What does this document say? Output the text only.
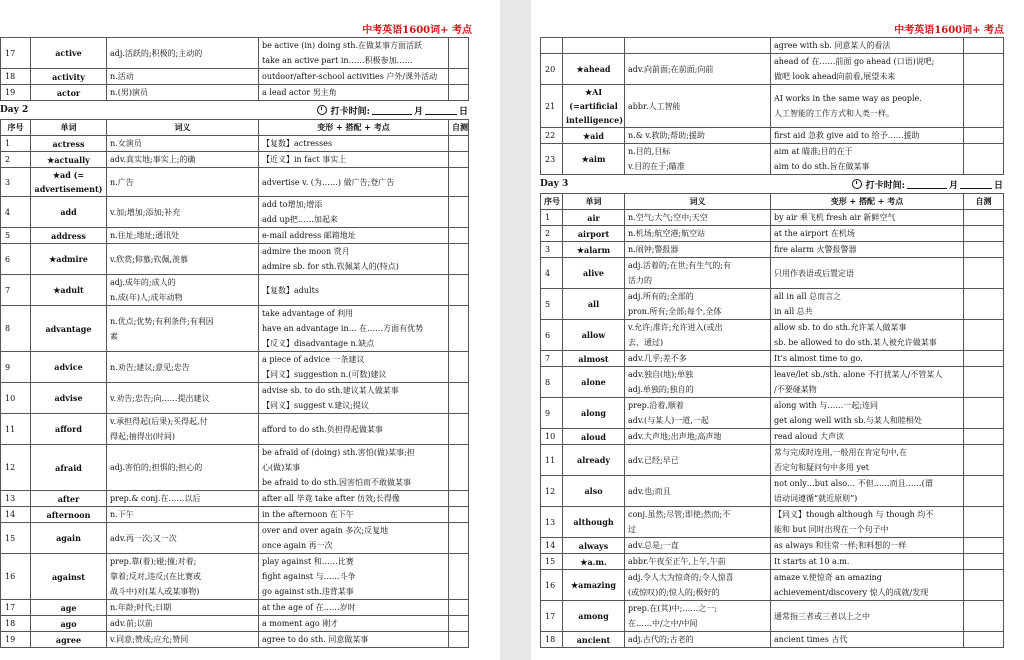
中考英语1600词+ 考点
17	active	adj.活跃的;积极的;主动的	be active (in) doing sth.在做某事方面活跃
take an active part in……积极参加……	

18	activity	n.活动	outdoor/after-school activities 户外/课外活动	

19	actor	n.(男)演员	a lead actor 男主角	

Day 2	打卡时间:	月	日
序号	单词	词义	变形 + 搭配 + 考点	自测
1	actress	n.女演员	【复数】actresses	

2	★actually	adv.真实地;事实上;的确	【近义】in fact 事实上	

3	★ad (= advertisement)	n.广告	advertise v. (为……) 做广告;登广告	

4	add	v.加;增加;添加;补充	add to增加;增添
add up把……加起来	

5	address	n.住址;地址;通讯处	e-mail address 邮箱地址	

6	★admire	v.欣赏;仰慕;钦佩,羡慕	admire the moon 赏月
admire sb. for sth.钦佩某人的(特点)	

7	★adult	adj.成年的;成人的
n.成(年)人;成年动物	【复数】adults	

8	advantage	n.优点;优势;有利条件;有利因
素	take advantage of 利用
have an advantage in… 在……方面有优势
【反义】disadvantage n.缺点	

9	advice	n.劝告;建议;意见;忠告	a piece of advice 一条建议
【同义】suggestion n.(可数)建议	

10	advise	v.劝告;忠告;向……提出建议	advise sb. to do sth.建议某人做某事
【同义】suggest v.建议;提议	

11	afford	v.承担得起(后果);买得起,付
得起;抽得出(时间)	afford to do sth.负担得起做某事	

12	afraid	adj.害怕的;担惧的;担心的	be afraid of (doing) sth.害怕(做)某事;担
心(做)某事
be afraid to do sth.因害怕而不敢做某事	

13	after	prep.& conj.在……以后	after all 毕竟 take after 仿效;长得像	

14	afternoon	n.下午	in the afternoon 在下午	

15	again	adv.再一次;又一次	over and over again 多次;反复地
once again 再一次	

16	against	prep.靠(着);碰;撞;对着;
靠着;反对,违反;(在比赛或
战斗中)对(某人或某事物)	play against 和……比赛
fight against 与……斗争
go against sth.违背某事	

17	age	n.年龄;时代;日期	at the age of 在……岁时	

18	ago	adv.前;以前	a moment ago 刚才	

19	agree	v.同意;赞成;应允;赞同	agree to do sth. 同意做某事	

中考英语1600词+ 考点

			agree with sb. 同意某人的看法	

20	★ahead	adv.向前面;在前面;向前	ahead of 在……前面 go ahead (口语)说吧;
做吧 look ahead向前看,展望未来	

21	★AI (=artificial intelligence)	abbr.人工智能	AI works in the same way as people.
人工智能的工作方式和人类一样。	

22	★aid	n.& v.救助;帮助;援助	first aid 急救 give aid to 给予……援助	

23	★aim	n.目的,目标
v.目的在于;瞄准	aim at 瞄准;目的在于
aim to do sth.旨在做某事	

Day 3	打卡时间:	月	日
序号	单词	词义	变形 + 搭配 + 考点	自测
1	air	n.空气;大气;空中;天空	by air 乘飞机 fresh air 新鲜空气	

2	airport	n.机场;航空港;航空站	at the airport 在机场	

3	★alarm	n.闹钟;警报器	fire alarm 火警报警器	

4	alive	adj.活着的;在世;有生气的;有
活力的	只用作表语或后置定语	

5	all	adj.所有的;全部的
pron.所有;全部;每个,全体	all in all 总而言之
in all 总共	

6	allow	v.允许;准许;允许进入(或出
去、通过)	allow sb. to do sth.允许某人做某事
sb. be allowed to do sth.某人被允许做某事	

7	almost	adv.几乎;差不多	It’s almost time to go.	

8	alone	adv.独自(地);单独
adj.单独的;独自的	leave/let sb./sth. alone 不打扰某人/不管某人
/不要碰某物	

9	along	prep.沿着,顺着
adv.(与某人)一道,一起	along with 与……一起;连同
get along well with sb.与某人和睦相处	

10	aloud	adv.大声地;出声地;高声地	read aloud 大声读	

11	already	adv.已经;早已	常与完成时连用,一般用在肯定句中,在
否定句和疑问句中多用 yet	

12	also	adv.也;而且	not only…but also… 不但……而且……(谓
语动词遵循“就近原则”)	

13	although	conj.虽然;尽管;即使;然而;不
过	【同义】though although 与 though 均不
能和 but 同时出现在一个句子中	

14	always	adv.总是;一直	as always 和往常一样;和料想的一样	

15	★a.m.	abbr.午夜至正午,上午,午前	It starts at 10 a.m.	

16	★amazing	adj.令人大为惊奇的;令人惊喜
(或惊叹)的;惊人的;极好的	amaze v.使惊奇 an amazing
achievement/discovery 惊人的成就/发现	

17	among	prep.在(其)中;……之一;
在……中/之中/中间	通常指三者或三者以上之中	

18	ancient	adj.古代的;古老的	ancient times 古代	
